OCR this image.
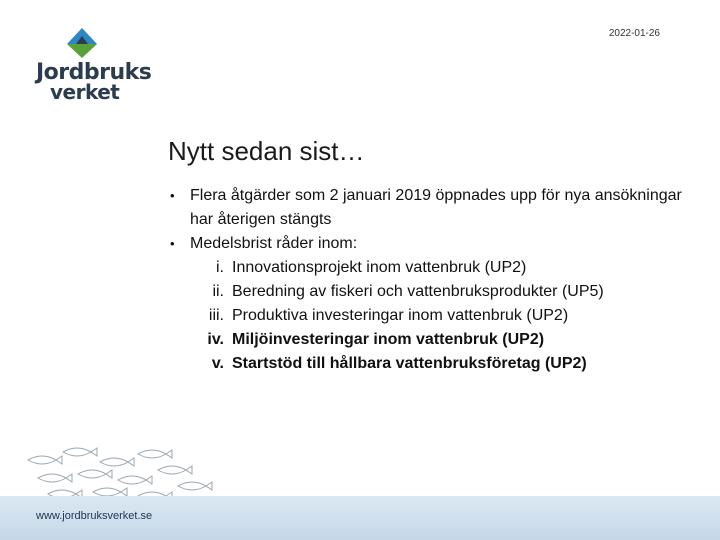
2022-01-26
Jordbruks
verket
Nytt sedan sist…
• Flera åtgärder som 2 januari 2019 öppnades upp för nya ansökningar har återigen stängts
• Medelsbrist råder inom:
i. Innovationsprojekt inom vattenbruk (UP2)
ii. Beredning av fiskeri och vattenbruksprodukter (UP5)
iii. Produktiva investeringar inom vattenbruk (UP2)
iv. Miljöinvesteringar inom vattenbruk (UP2)
v. Startstöd till hållbara vattenbruksföretag (UP2)
www.jordbruksverket.se
